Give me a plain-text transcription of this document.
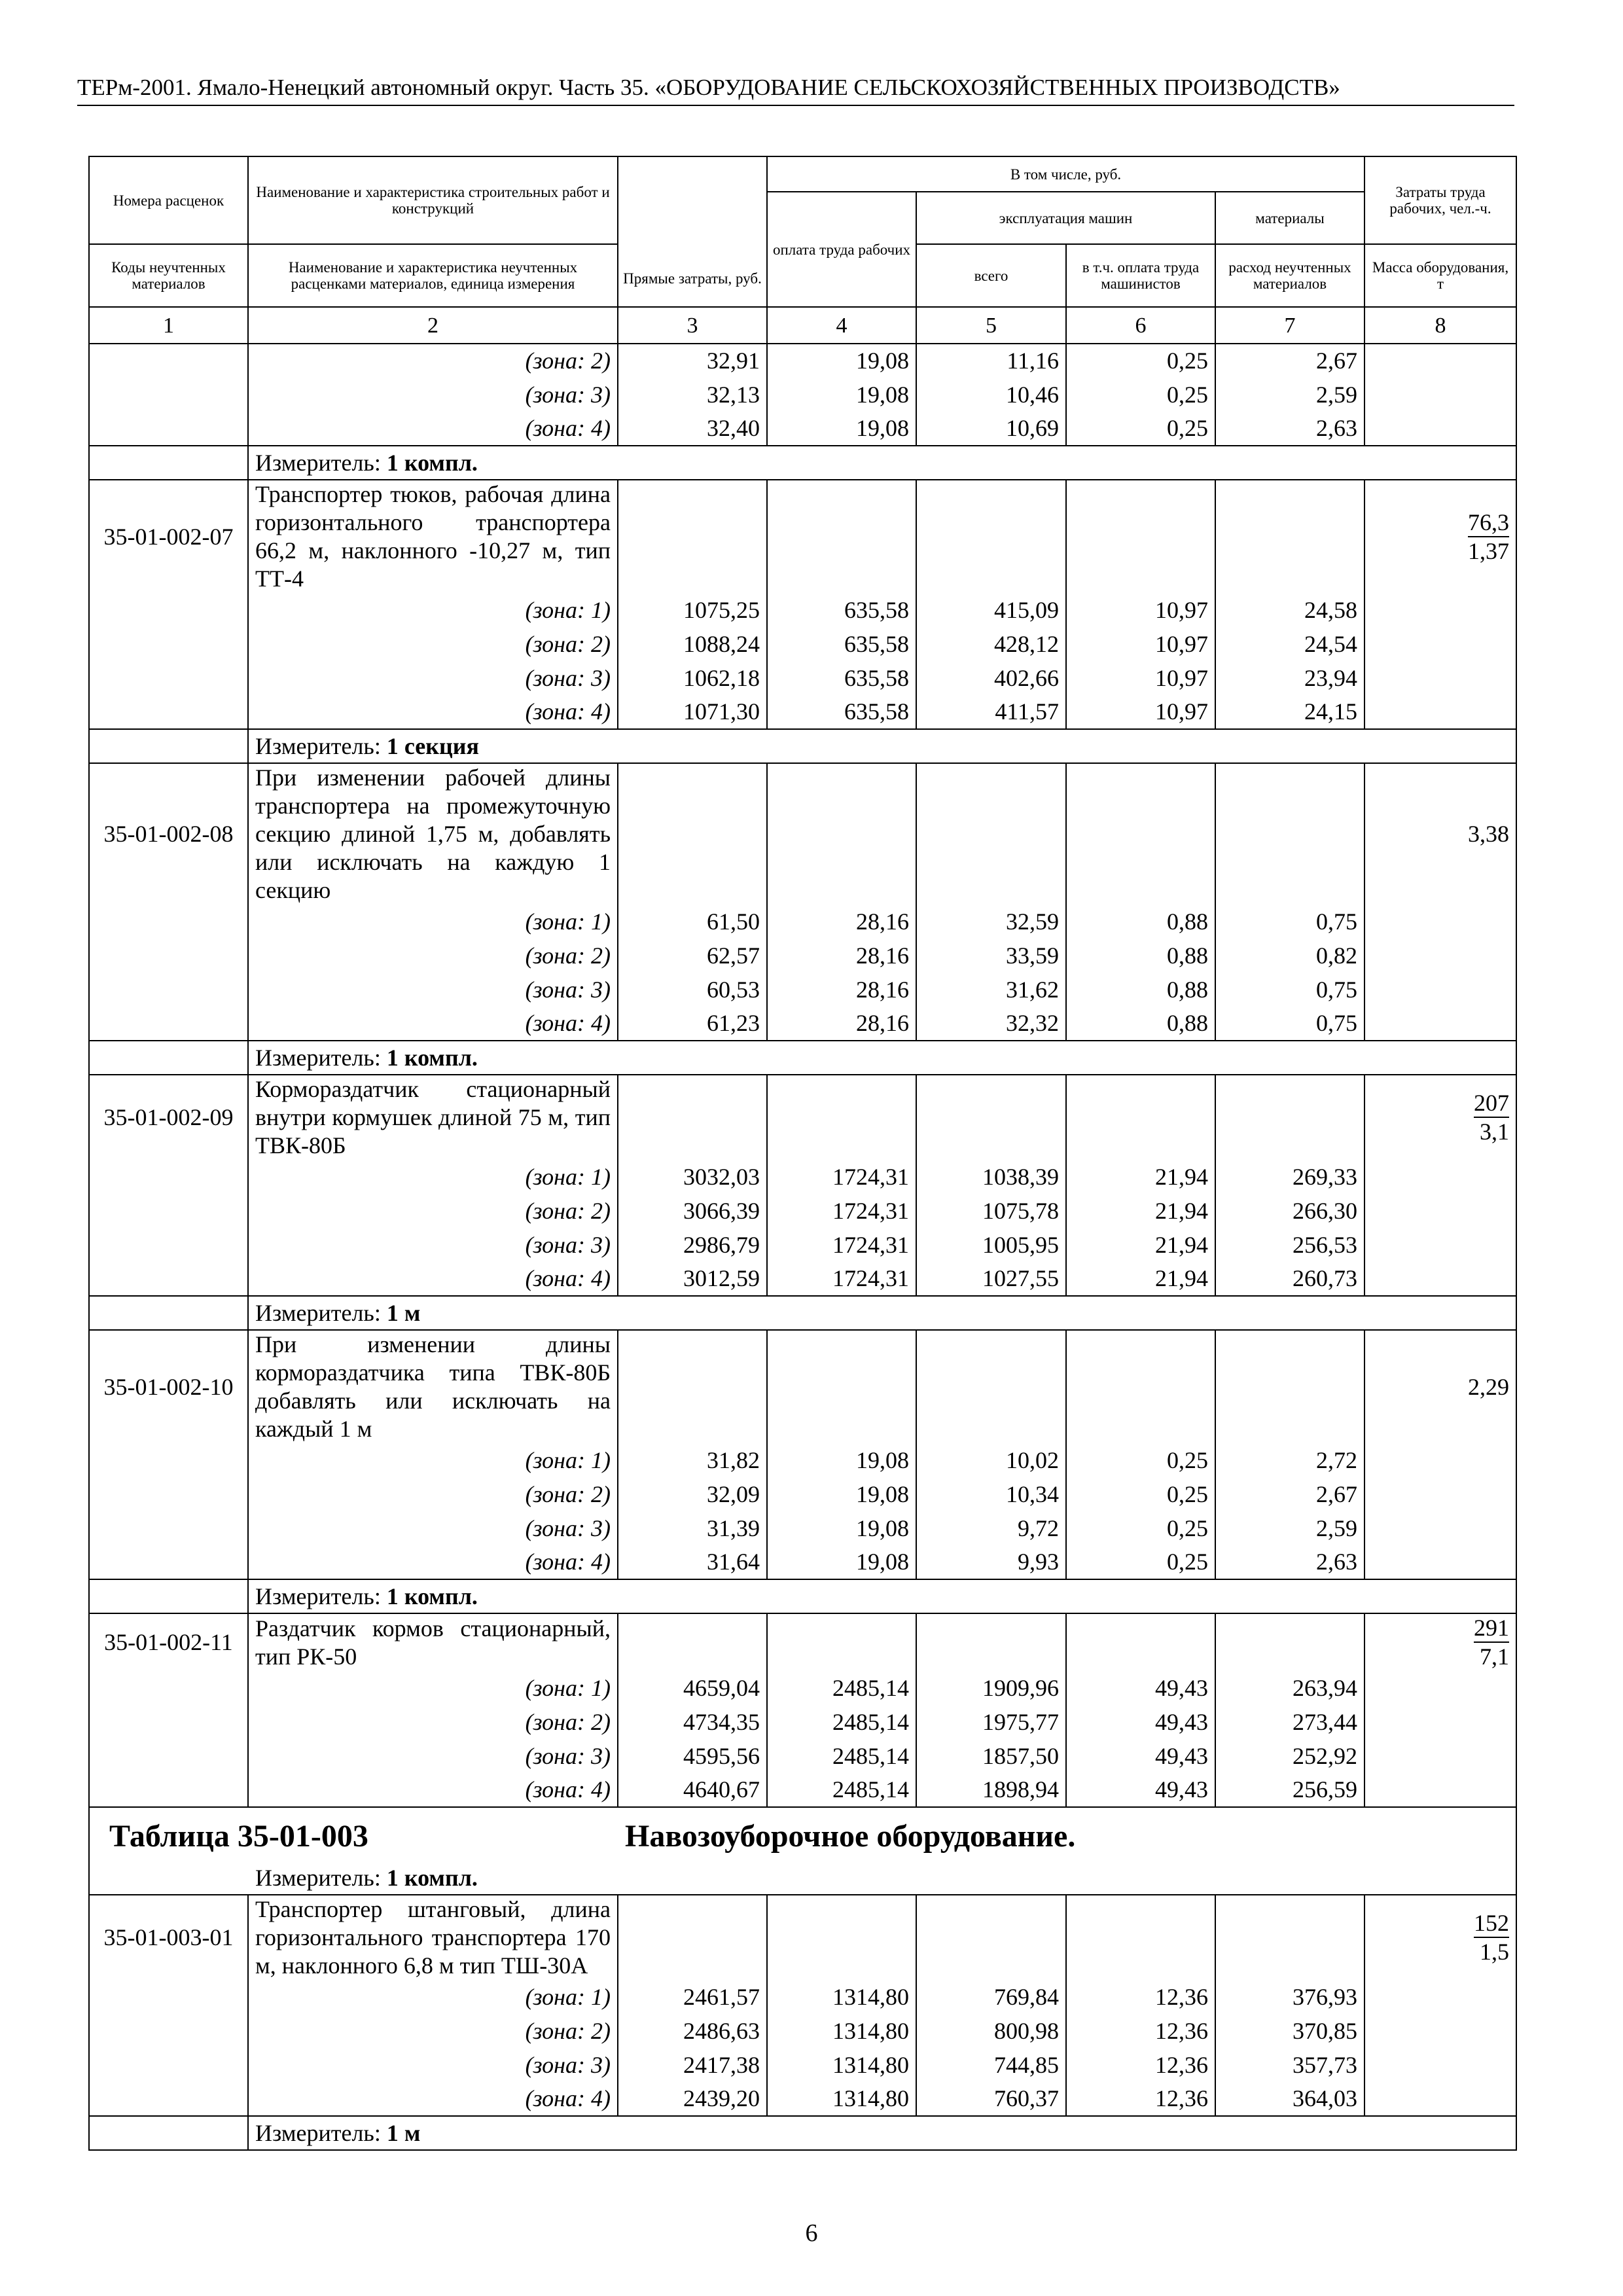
ТЕРм-2001. Ямало-Ненецкий автономный округ. Часть 35. «ОБОРУДОВАНИЕ СЕЛЬСКОХОЗЯЙСТВЕННЫХ ПРОИЗВОДСТВ»
Номера расценок	Наименование и характеристика строительных работ и конструкций	Прямые затраты, руб.	В том числе, руб.				Затраты труда рабочих, чел.-ч.
			оплата труда рабочих	эксплуатация машин		материалы	

Коды неучтенных материалов	Наименование и характеристика неучтенных расценками материалов, единица измерения			всего	в т.ч. оплата труда машинистов	расход неучтенных материалов	Масса оборудования, т
1	2	3	4	5	6	7	8
	(зона: 2)	32,91	19,08	11,16	0,25	2,67	
	(зона: 3)	32,13	19,08	10,46	0,25	2,59	
	(зона: 4)	32,40	19,08	10,69	0,25	2,63	
	Измеритель: 1 компл.						
35-01-002-07	Транспортер тюков, рабочая длина горизонтального транспортера 66,2 м, наклонного -10,27 м, тип ТТ-4						$\frac{76,3}{1,37}$

	(зона: 1)	1075,25	635,58	415,09	10,97	24,58	
	(зона: 2)	1088,24	635,58	428,12	10,97	24,54	
	(зона: 3)	1062,18	635,58	402,66	10,97	23,94	
	(зона: 4)	1071,30	635,58	411,57	10,97	24,15	
	Измеритель: 1 секция						
35-01-002-08	При изменении рабочей длины транспортера на промежуточную секцию длиной 1,75 м, добавлять или исключать на каждую 1 секцию						3,38
	(зона: 1)	61,50	28,16	32,59	0,88	0,75	
	(зона: 2)	62,57	28,16	33,59	0,88	0,82	
	(зона: 3)	60,53	28,16	31,62	0,88	0,75	
	(зона: 4)	61,23	28,16	32,32	0,88	0,75	
	Измеритель: 1 компл.						
35-01-002-09	Кормораздатчик стационарный внутри кормушек длиной 75 м, тип ТВК-80Б						$\frac{207}{3,1}$

	(зона: 1)	3032,03	1724,31	1038,39	21,94	269,33	
	(зона: 2)	3066,39	1724,31	1075,78	21,94	266,30	
	(зона: 3)	2986,79	1724,31	1005,95	21,94	256,53	
	(зона: 4)	3012,59	1724,31	1027,55	21,94	260,73	
	Измеритель: 1 м						
35-01-002-10	При изменении длины кормораздатчика типа ТВК-80Б добавлять или исключать на каждый 1 м						2,29
	(зона: 1)	31,82	19,08	10,02	0,25	2,72	
	(зона: 2)	32,09	19,08	10,34	0,25	2,67	
	(зона: 3)	31,39	19,08	9,72	0,25	2,59	
	(зона: 4)	31,64	19,08	9,93	0,25	2,63	
	Измеритель: 1 компл.						
35-01-002-11	Раздатчик кормов стационарный, тип РК-50						$\frac{291}{7,1}$

	(зона: 1)	4659,04	2485,14	1909,96	49,43	263,94	
	(зона: 2)	4734,35	2485,14	1975,77	49,43	273,44	
	(зона: 3)	4595,56	2485,14	1857,50	49,43	252,92	
	(зона: 4)	4640,67	2485,14	1898,94	49,43	256,59	

Таблица 35-01-003 Навозоуборочное оборудование.
Измеритель: 1 компл.							

35-01-003-01	Транспортер штанговый, длина горизонтального транспортера 170 м, наклонного 6,8 м тип ТШ-30А						$\frac{152}{1,5}$

	(зона: 1)	2461,57	1314,80	769,84	12,36	376,93	
	(зона: 2)	2486,63	1314,80	800,98	12,36	370,85	
	(зона: 3)	2417,38	1314,80	744,85	12,36	357,73	
	(зона: 4)	2439,20	1314,80	760,37	12,36	364,03	
	Измеритель: 1 м						
6
